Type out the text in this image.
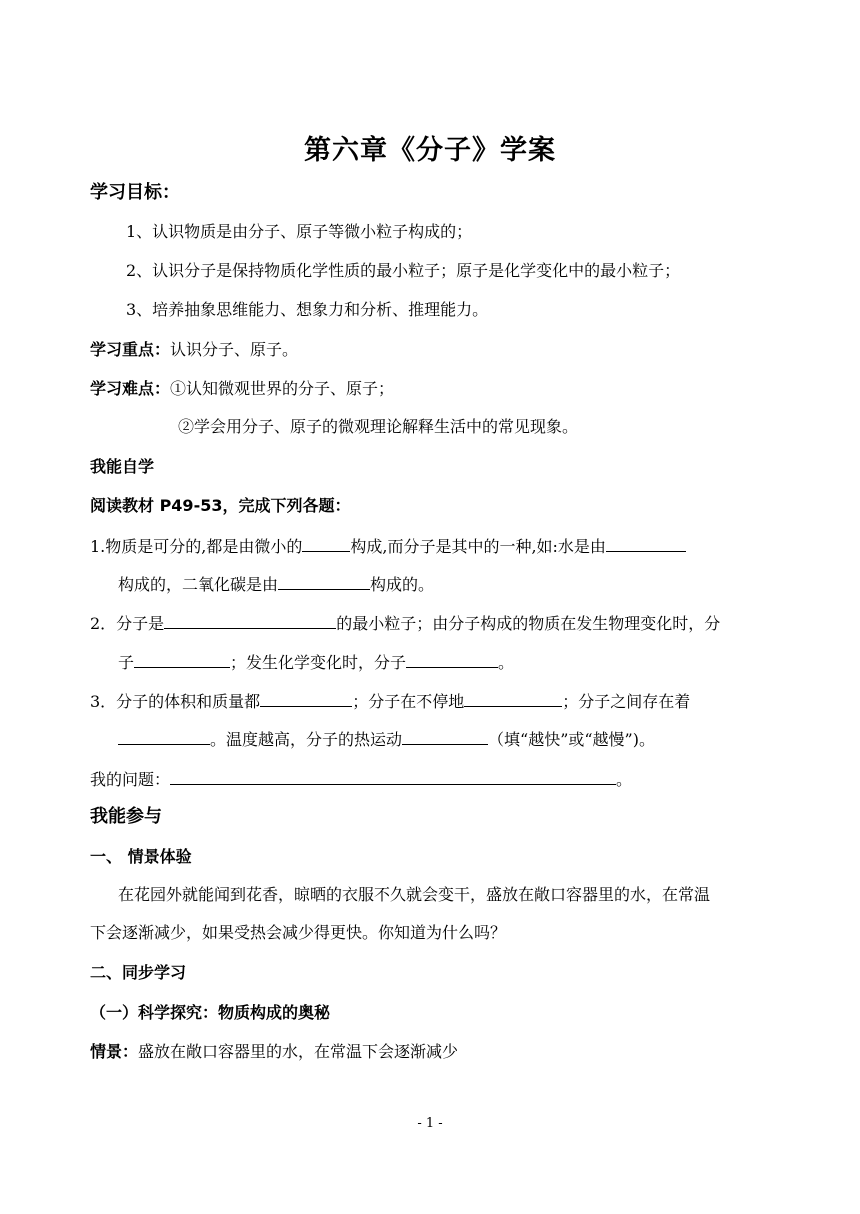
第六章《分子》学案
学习目标：
1、认识物质是由分子、原子等微小粒子构成的；
2、认识分子是保持物质化学性质的最小粒子；原子是化学变化中的最小粒子；
3、培养抽象思维能力、想象力和分析、推理能力。
学习重点：认识分子、原子。
学习难点：①认知微观世界的分子、原子；
②学会用分子、原子的微观理论解释生活中的常见现象。
我能自学
阅读教材 P49-53，完成下列各题：
1.物质是可分的,都是由微小的	构成,而分子是其中的一种,如:水是由
构成的，二氧化碳是由	构成的。
2．分子是	的最小粒子；由分子构成的物质在发生物理变化时，分
子	；发生化学变化时，分子	。
3．分子的体积和质量都	；分子在不停地	；分子之间存在着
。温度越高，分子的热运动	（填“越快”或“越慢”)。
我的问题：	。
我能参与
一、 情景体验
在花园外就能闻到花香，晾晒的衣服不久就会变干，盛放在敞口容器里的水，在常温
下会逐渐减少，如果受热会减少得更快。你知道为什么吗？
二、同步学习
（一）科学探究：物质构成的奥秘
情景：盛放在敞口容器里的水，在常温下会逐渐减少
- 1 -
